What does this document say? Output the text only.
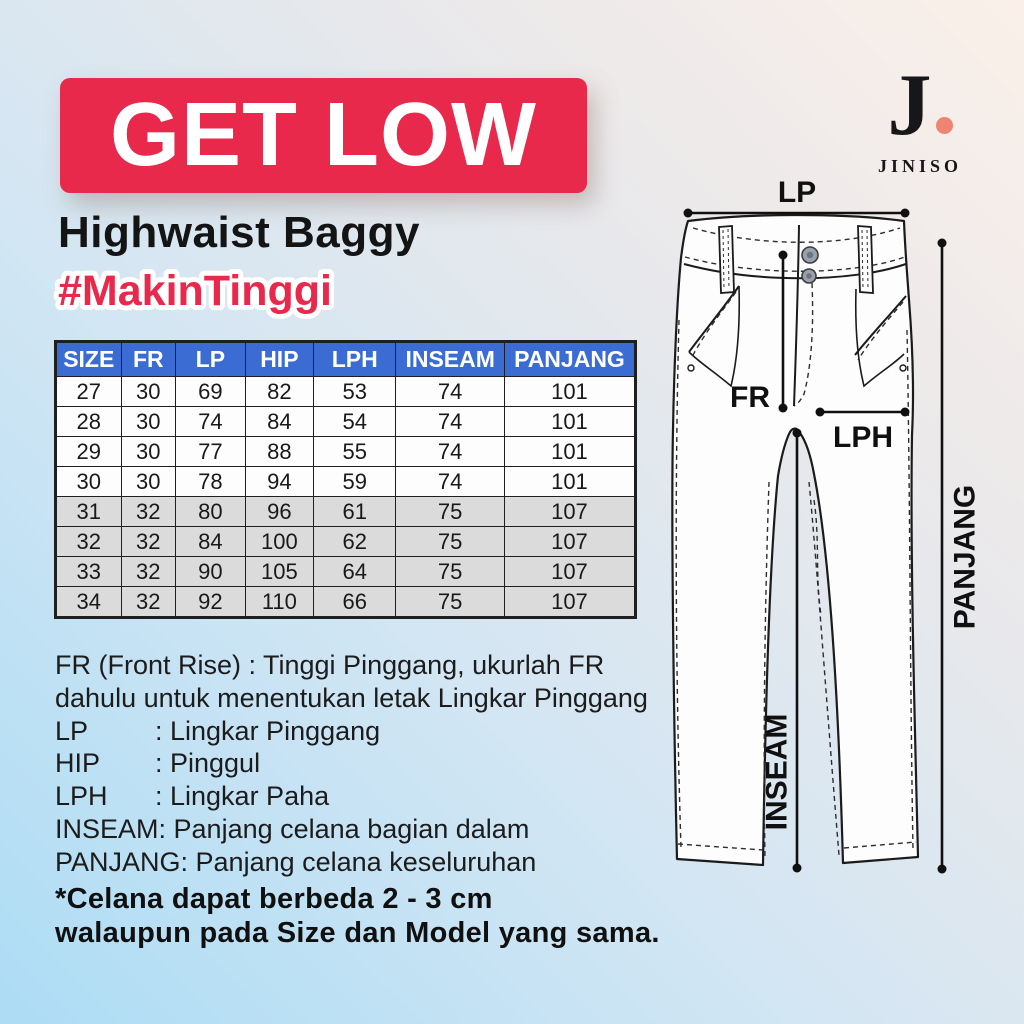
GET LOW	J
JINISO
Highwaist Baggy
#MakinTinggi
SIZE	FR	LP	HIP	LPH	INSEAM	PANJANG
27	30	69	82	53	74	101
28	30	74	84	54	74	101
29	30	77	88	55	74	101
30	30	78	94	59	74	101
31	32	80	96	61	75	107
32	32	84	100	62	75	107
33	32	90	105	64	75	107
34	32	92	110	66	75	107
LP
FR
LPH
INSEAM
PANJANG
FR (Front Rise) : Tinggi Pinggang, ukurlah FR
dahulu untuk menentukan letak Lingkar Pinggang
LP : Lingkar Pinggang
HIP : Pinggul
LPH : Lingkar Paha
INSEAM: Panjang celana bagian dalam
PANJANG: Panjang celana keseluruhan
*Celana dapat berbeda 2 - 3 cm
walaupun pada Size dan Model yang sama.
